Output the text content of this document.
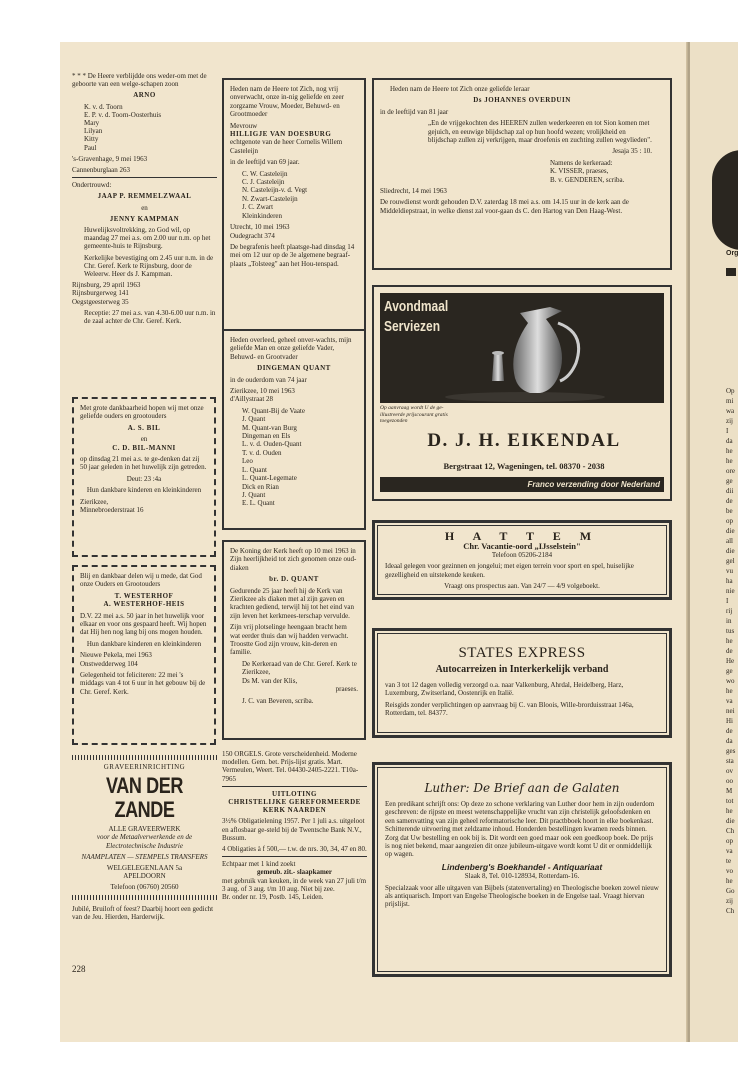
* * * De Heere verblijdde ons weder-om met de geboorte van een welge-schapen zoon

ARNO

K. v. d. Toorn
E. P. v. d. Toorn-Oosterhuis
Mary
Lilyan
Kitty
Paul

's-Gravenhage, 9 mei 1963

Cannenburglaan 263

Ondertrouwd:

JAAP P. REMMELZWAAL

en

JENNY KAMPMAN

Huwelijksvoltrekking, zo God wil, op maandag 27 mei a.s. om 2.00 uur n.m. op het gemeente-huis te Rijnsburg.

Kerkelijke bevestiging om 2.45 uur n.m. in de Chr. Geref. Kerk te Rijnsburg, door de Weleerw. Heer ds J. Kampman.

Rijnsburg, 29 april 1963

Rijnsburgerweg 141

Oegstgeesterweg 35

Receptie: 27 mei a.s. van 4.30-6.00 uur n.m. in de zaal achter de Chr. Geref. Kerk.

Met grote dankbaarheid hopen wij met onze geliefde ouders en grootouders

A. S. BIL

en

C. D. BIL-MANNI

op dinsdag 21 mei a.s. te ge-denken dat zij 50 jaar geleden in het huwelijk zijn getreden.

Deut: 23 :4a

Hun dankbare kinderen en kleinkinderen

Zierikzee,

Minnebroederstraat 16

Blij en dankbaar delen wij u mede, dat God onze Ouders en Grootouders

T. WESTERHOF

A. WESTERHOF-HEIS

D.V. 22 mei a.s. 50 jaar in het huwelijk voor elkaar en voor ons gespaard heeft. Wij hopen dat Hij hen nog lang bij ons mogen houden.

Hun dankbare kinderen en kleinkinderen

Nieuwe Pekela, mei 1963

Onstwedderweg 104

Gelegenheid tot feliciteren: 22 mei 's middags van 4 tot 6 uur in het gebouw bij de Chr. Geref. Kerk.

GRAVEERINRICHTING

VAN DER ZANDE

ALLE GRAVEERWERK

voor de Metaalverwerkende en de Electrotechnische Industrie

NAAMPLATEN — STEMPELS TRANSFERS

WELGELEGENLAAN 5a

APELDOORN

Telefoon (06760) 20560

Jubilé, Bruiloft of feest? Daarbij hoort een gedicht van de Jeu. Hierden, Harderwijk.

228

Heden nam de Heere tot Zich, nog vrij onverwacht, onze in-nig geliefde en zeer zorgzame Vrouw, Moeder, Behuwd- en Grootmoeder

Mevrouw

HILLIGJE VAN DOESBURG

echtgenote van de heer Cornelis Willem Casteleijn

in de leeftijd van 69 jaar.

C. W. Casteleijn
C. J. Casteleijn
N. Casteleijn-v. d. Vegt
N. Zwart-Casteleijn
J. C. Zwart
Kleinkinderen

Utrecht, 10 mei 1963

Oudegracht 374

De begrafenis heeft plaatsge-had dinsdag 14 mei om 12 uur op de 3e algemene begraaf-plaats „Tolsteeg" aan het Hou-tenspad.

Heden overleed, geheel onver-wachts, mijn geliefde Man en onze geliefde Vader, Behuwd- en Grootvader

DINGEMAN QUANT

in de ouderdom van 74 jaar

Zierikzee, 10 mei 1963

d'Aillystraat 28

W. Quant-Bij de Vaate
J. Quant
M. Quant-van Burg
Dingeman en Els
L. v. d. Ouden-Quant
T. v. d. Ouden
Leo
L. Quant
L. Quant-Legemate
Dick en Rian
J. Quant
E. L. Quant

De Koning der Kerk heeft op 10 mei 1963 in Zijn heerlijkheid tot zich genomen onze oud-diaken

br. D. QUANT

Gedurende 25 jaar heeft hij de Kerk van Zierikzee als diaken met al zijn gaven en krachten gediend, terwijl hij tot het eind van zijn leven het kerkmees-terschap vervulde.

Zijn vrij plotselinge heengaan bracht hem wat eerder thuis dan wij hadden verwacht. Troostte God zijn vrouw, kin-deren en familie.

De Kerkeraad van de Chr. Geref. Kerk te Zierikzee,

Ds M. van der Klis,

praeses.

J. C. van Beveren, scriba.

150 ORGELS. Grote verscheidenheid. Moderne modellen. Gem. bet. Prijs-lijst gratis. Mart. Vermeulen, Weert. Tel. 04430-2405-2221. T10a-7965

UITLOTING

CHRISTELIJKE GEREFORMEERDE KERK NAARDEN

3½% Obligatielening 1957. Per 1 juli a.s. uitgeloot en aflosbaar ge-steld bij de Twentsche Bank N.V., Bussum.

4 Obligaties à f 500,— t.w. de nrs. 30, 34, 47 en 80.

Echtpaar met 1 kind zoekt

gemeub. zit.- slaapkamer

met gebruik van keuken, in de week van 27 juli t/m 3 aug. of 3 aug. t/m 10 aug. Niet bij zee.

Br. onder nr. 19, Postb. 145, Leiden.

Heden nam de Heere tot Zich onze geliefde leraar

Ds JOHANNES OVERDUIN

in de leeftijd van 81 jaar

„En de vrijgekochten des HEEREN zullen wederkeeren en tot Sion komen met gejuich, en eeuwige blijdschap zal op hun hoofd wezen; vrolijkheid en blijdschap zullen zij verkrijgen, maar droefenis en zuchting zullen wegvlieden".

Jesaja 35 : 10.

Namens de kerkeraad:

K. VISSER, praeses,

B. v. GENDEREN, scriba.

Sliedrecht, 14 mei 1963

De rouwdienst wordt gehouden D.V. zaterdag 18 mei a.s. om 14.15 uur in de kerk aan de Middeldiepstraat, in welke dienst zal voor-gaan ds C. den Hartog van Den Haag-West.

Avondmaal
Serviezen
Op aanvraag wordt U de ge-illustreerde prijscourant gratis toegezonden
D. J. H. EIKENDAL
Bergstraat 12, Wageningen, tel. 08370 - 2038
Franco verzending door Nederland

H A T T E M

Chr. Vacantie-oord „IJsselstein"

Telefoon 05206-2184

Ideaal gelegen voor gezinnen en jongelui; met eigen terrein voor sport en spel, huiselijke gezelligheid en uitstekende keuken.

Vraagt ons prospectus aan. Van 24/7 — 4/9 volgeboekt.

STATES EXPRESS

Autocarreizen in Interkerkelijk verband

van 3 tot 12 dagen volledig verzorgd o.a. naar Valkenburg, Ahrdal, Heidelberg, Harz, Luxemburg, Zwitserland, Oostenrijk en Italië.

Reisgids zonder verplichtingen op aanvraag bij C. van Bloois, Wille-brorduisstraat 146a, Rotterdam, tel. 84377.

Luther: De Brief aan de Galaten

Een predikant schrijft ons: Op deze zo schone verklaring van Luther door hem in zijn ouderdom geschreven: de rijpste en meest wetenschappelijke vrucht van zijn christelijk geloofsdenken en een samenvatting van zijn geheel reformatorische leer. Dit practbboek hoort in elke boekenkast. Schitterende uitvoering met zeldzame inhoud. Honderden bestellingen kwamen reeds binnen. Zorg dat Uw bestelling en ook bij is. Dit wordt een goed maar ook een goedkoop boek. De prijs is nog niet bekend, maar aangezien dit onze jubileum-uitgave wordt komt U dit er onmiddellijk op wagen.

Lindenberg's Boekhandel - Antiquariaat

Slaak 8, Tel. 010-128934, Rotterdam-16.

Specialzaak voor alle uitgaven van Bijbels (statenvertaling) en Theologische boeken zowel nieuw als antiquarisch. Import van Engelse Theologische boeken in de Engelse taal. Vraagt hiervan prijslijst.

Org
Op
mi
wa
zij
I
da
he
he
ore
ge
dii
de
be
op
die
all
die
gel
vu
ha
nie
I
rij
in
tus
he
de
He
ge
wo
he
va
nei
Hi
de
da
ges
sta
ov
oo
M
tot
he
die
Ch
op
va
te
vo
he
Go
zij
Ch
